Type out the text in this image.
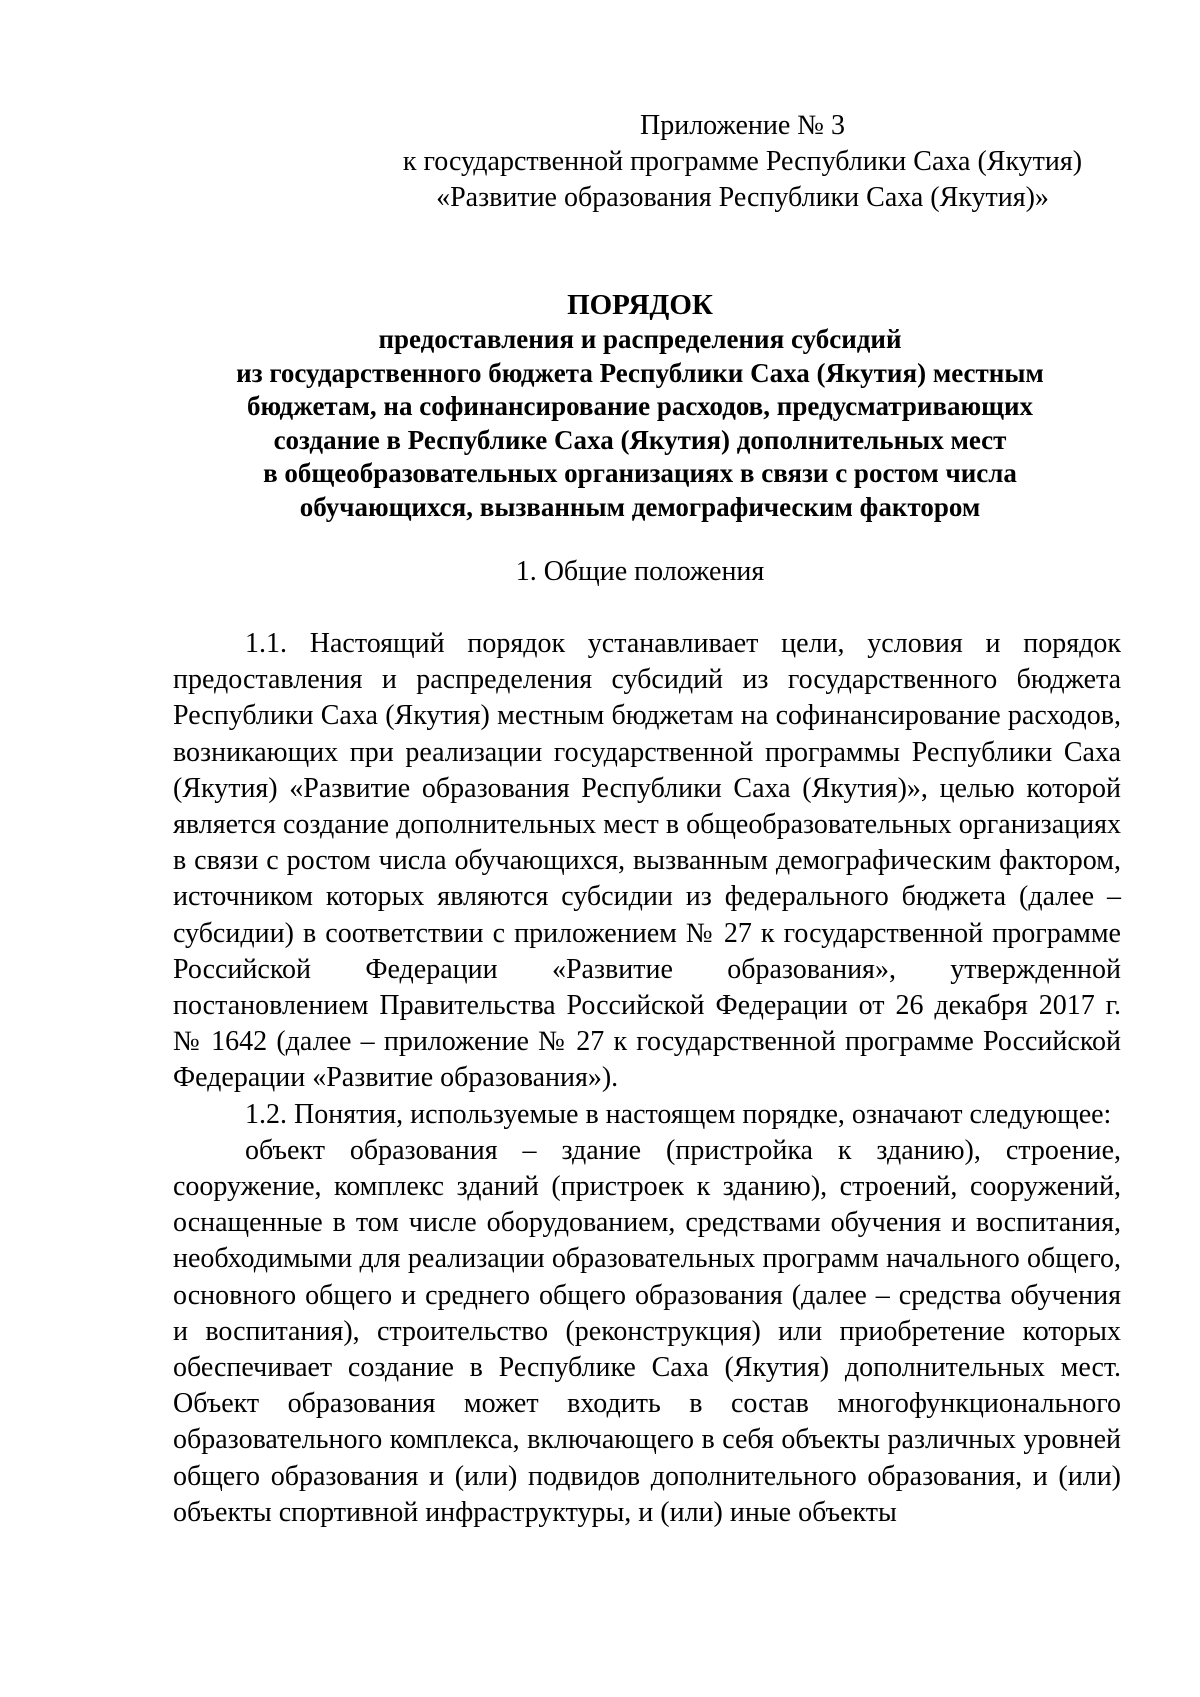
Приложение № 3
к государственной программе Республики Саха (Якутия)
«Развитие образования Республики Саха (Якутия)»
ПОРЯДОК
предоставления и распределения субсидий
из государственного бюджета Республики Саха (Якутия) местным
бюджетам, на софинансирование расходов, предусматривающих
создание в Республике Саха (Якутия) дополнительных мест
в общеобразовательных организациях в связи с ростом числа
обучающихся, вызванным демографическим фактором
1. Общие положения

1.1. Настоящий порядок устанавливает цели, условия и порядок предоставления и распределения субсидий из государственного бюджета Республики Саха (Якутия) местным бюджетам на софинансирование расходов, возникающих при реализации государственной программы Республики Саха (Якутия) «Развитие образования Республики Саха (Якутия)», целью которой является создание дополнительных мест в общеобразовательных организациях в связи с ростом числа обучающихся, вызванным демографическим фактором, источником которых являются субсидии из федерального бюджета (далее – субсидии) в соответствии с приложением № 27 к государственной программе Российской Федерации «Развитие образования», утвержденной постановлением Правительства Российской Федерации от 26 декабря 2017 г. № 1642 (далее – приложение № 27 к государственной программе Российской Федерации «Развитие образования»).

1.2. Понятия, используемые в настоящем порядке, означают следующее:

объект образования – здание (пристройка к зданию), строение, сооружение, комплекс зданий (пристроек к зданию), строений, сооружений, оснащенные в том числе оборудованием, средствами обучения и воспитания, необходимыми для реализации образовательных программ начального общего, основного общего и среднего общего образования (далее – средства обучения и воспитания), строительство (реконструкция) или приобретение которых обеспечивает создание в Республике Саха (Якутия) дополнительных мест. Объект образования может входить в состав многофункционального образовательного комплекса, включающего в себя объекты различных уровней общего образования и (или) подвидов дополнительного образования, и (или) объекты спортивной инфраструктуры, и (или) иные объекты
